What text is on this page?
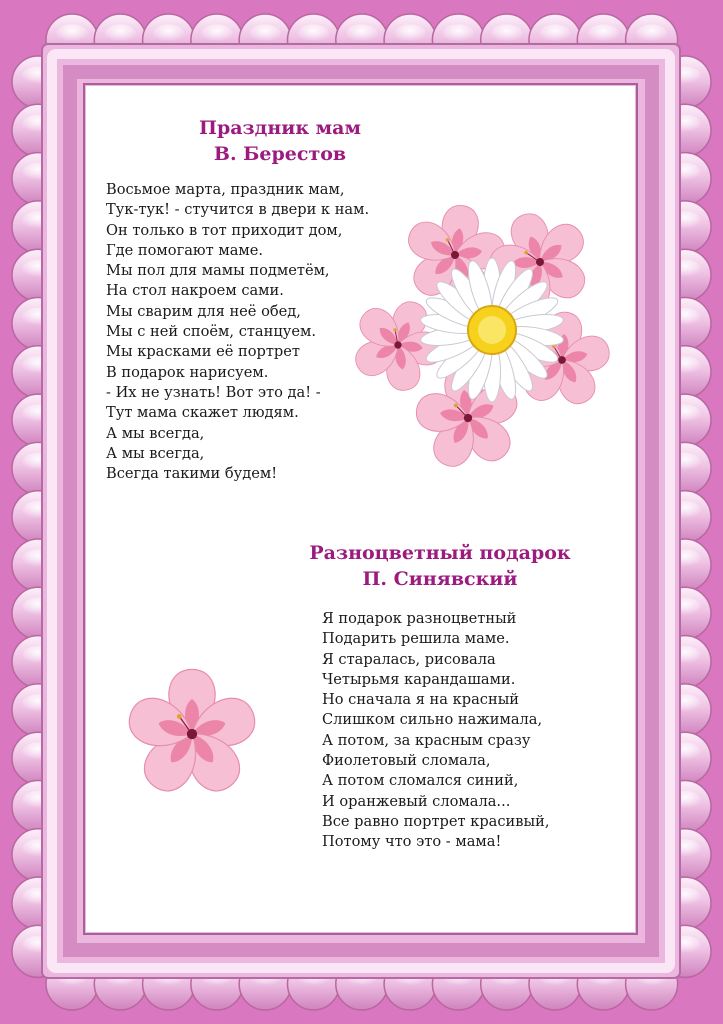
Праздник мам
В. Берестов
Восьмое марта, праздник мам,
Тук-тук! - стучится в двери к нам.
Он только в тот приходит дом,
Где помогают маме.
Мы пол для мамы подметём,
На стол накроем сами.
Мы сварим для неё обед,
Мы с ней споём, станцуем.
Мы красками её портрет
В подарок нарисуем.
- Их не узнать! Вот это да! -
Тут мама скажет людям.
А мы всегда,
А мы всегда,
Всегда такими будем!
Разноцветный подарок
П. Синявский
Я подарок разноцветный
Подарить решила маме.
Я старалась, рисовала
Четырьмя карандашами.
Но сначала я на красный
Слишком сильно нажимала,
А потом, за красным сразу
Фиолетовый сломала,
А потом сломался синий,
И оранжевый сломала...
Все равно портрет красивый,
Потому что это - мама!
